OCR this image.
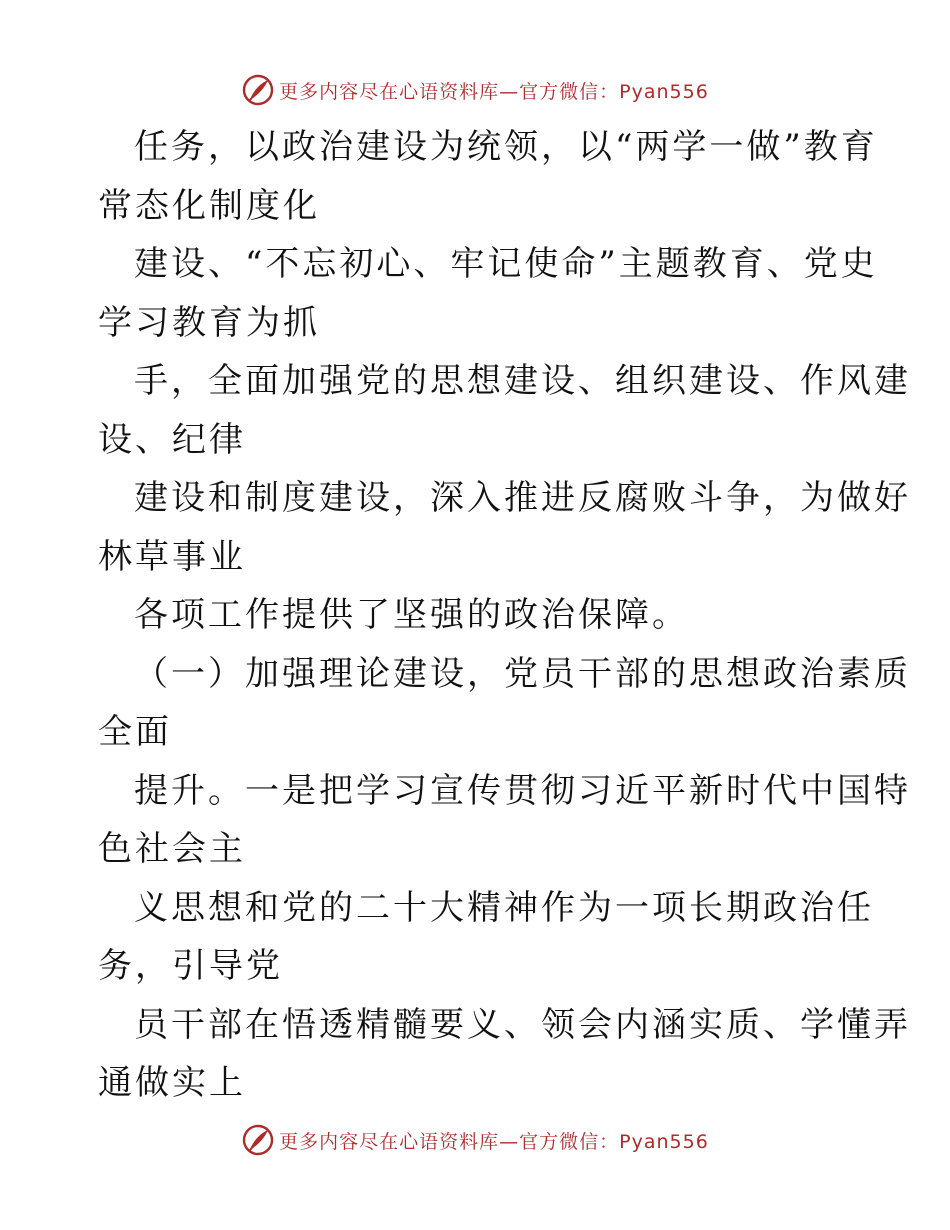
更多内容尽在心语资料库—官方微信：Pyan556
任务，以政治建设为统领，以“两学一做”教育
常态化制度化
建设、“不忘初心、牢记使命”主题教育、党史
学习教育为抓
手，全面加强党的思想建设、组织建设、作风建
设、纪律
建设和制度建设，深入推进反腐败斗争，为做好
林草事业
各项工作提供了坚强的政治保障。
（一）加强理论建设，党员干部的思想政治素质
全面
提升。一是把学习宣传贯彻习近平新时代中国特
色社会主
义思想和党的二十大精神作为一项长期政治任
务，引导党
员干部在悟透精髓要义、领会内涵实质、学懂弄
通做实上
更多内容尽在心语资料库—官方微信：Pyan556
